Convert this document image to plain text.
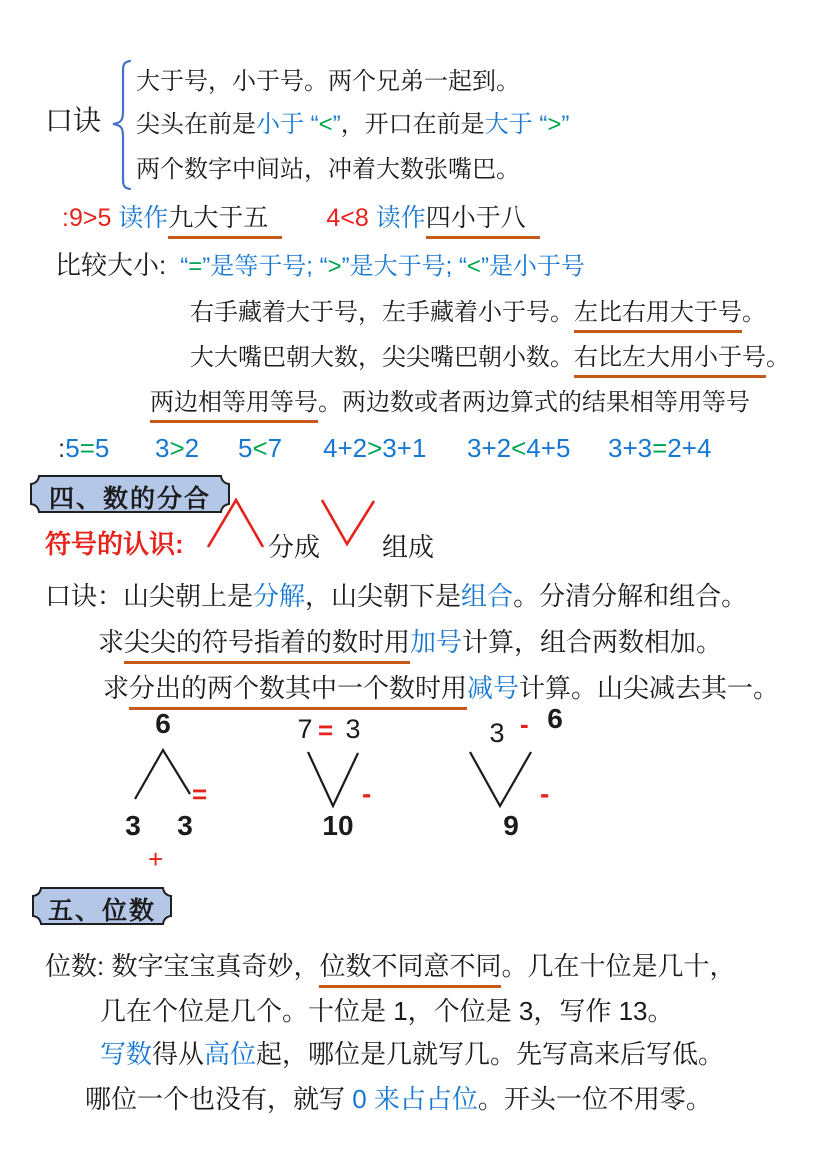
口诀
大于号，小于号。两个兄弟一起到。
尖头在前是小于 “<”，开口在前是大于 “>”
两个数字中间站，冲着大数张嘴巴。
:9>5 读作九大于五 4<8 读作四小于八
比较大小: “=”是等于号; “>”是大于号; “<”是小于号
右手藏着大于号，左手藏着小于号。左比右用大于号。
大大嘴巴朝大数，尖尖嘴巴朝小数。右比左大用小于号。
两边相等用等号。两边数或者两边算式的结果相等用等号
:5=5 3>2 5<7 4+2>3+1 3+2<4+5 3+3=2+4
四、数的分合
符号的认识:	分成 组成
口诀：山尖朝上是分解，山尖朝下是组合。分清分解和组合。
求尖尖的符号指着的数时用加号计算，组合两数相加。
求分出的两个数其中一个数时用减号计算。山尖减去其一。
6
=
3	3
+
7 = 3
-
10
3 - 6
-
9
五、位数
位数: 数字宝宝真奇妙，位数不同意不同。几在十位是几十，
几在个位是几个。十位是 1，个位是 3，写作 13。
写数得从高位起，哪位是几就写几。先写高来后写低。
哪位一个也没有，就写 0 来占占位。开头一位不用零。
